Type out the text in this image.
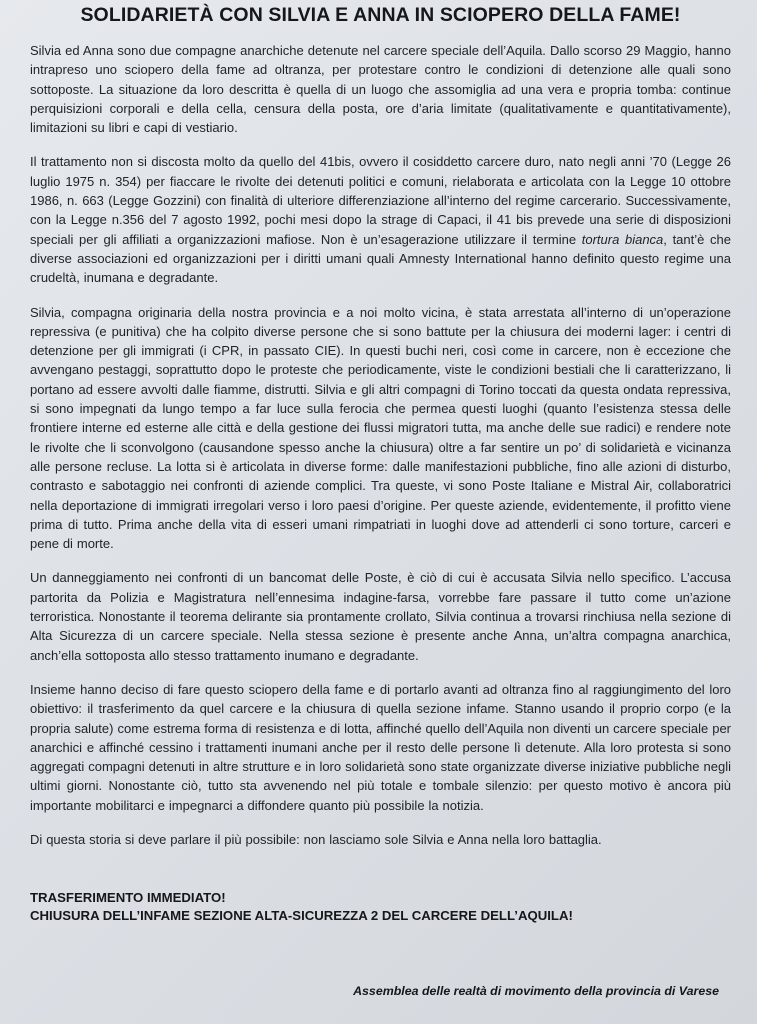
SOLIDARIETÀ CON SILVIA E ANNA IN SCIOPERO DELLA FAME!

Silvia ed Anna sono due compagne anarchiche detenute nel carcere speciale dell’Aquila. Dallo scorso 29 Maggio, hanno intrapreso uno sciopero della fame ad oltranza, per protestare contro le condizioni di detenzione alle quali sono sottoposte. La situazione da loro descritta è quella di un luogo che assomiglia ad una vera e propria tomba: continue perquisizioni corporali e della cella, censura della posta, ore d’aria limitate (qualitativamente e quantitativamente), limitazioni su libri e capi di vestiario.

Il trattamento non si discosta molto da quello del 41bis, ovvero il cosiddetto carcere duro, nato negli anni ’70 (Legge 26 luglio 1975 n. 354) per fiaccare le rivolte dei detenuti politici e comuni, rielaborata e articolata con la Legge 10 ottobre 1986, n. 663 (Legge Gozzini) con finalità di ulteriore differenziazione all’interno del regime carcerario. Successivamente, con la Legge n.356 del 7 agosto 1992, pochi mesi dopo la strage di Capaci, il 41 bis prevede una serie di disposizioni speciali per gli affiliati a organizzazioni mafiose. Non è un’esagerazione utilizzare il termine tortura bianca, tant’è che diverse associazioni ed organizzazioni per i diritti umani quali Amnesty International hanno definito questo regime una crudeltà, inumana e degradante.

Silvia, compagna originaria della nostra provincia e a noi molto vicina, è stata arrestata all’interno di un’operazione repressiva (e punitiva) che ha colpito diverse persone che si sono battute per la chiusura dei moderni lager: i centri di detenzione per gli immigrati (i CPR, in passato CIE). In questi buchi neri, così come in carcere, non è eccezione che avvengano pestaggi, soprattutto dopo le proteste che periodicamente, viste le condizioni bestiali che li caratterizzano, li portano ad essere avvolti dalle fiamme, distrutti. Silvia e gli altri compagni di Torino toccati da questa ondata repressiva, si sono impegnati da lungo tempo a far luce sulla ferocia che permea questi luoghi (quanto l’esistenza stessa delle frontiere interne ed esterne alle città e della gestione dei flussi migratori tutta, ma anche delle sue radici) e rendere note le rivolte che li sconvolgono (causandone spesso anche la chiusura) oltre a far sentire un po’ di solidarietà e vicinanza alle persone recluse. La lotta si è articolata in diverse forme: dalle manifestazioni pubbliche, fino alle azioni di disturbo, contrasto e sabotaggio nei confronti di aziende complici. Tra queste, vi sono Poste Italiane e Mistral Air, collaboratrici nella deportazione di immigrati irregolari verso i loro paesi d’origine. Per queste aziende, evidentemente, il profitto viene prima di tutto. Prima anche della vita di esseri umani rimpatriati in luoghi dove ad attenderli ci sono torture, carceri e pene di morte.

Un danneggiamento nei confronti di un bancomat delle Poste, è ciò di cui è accusata Silvia nello specifico. L’accusa partorita da Polizia e Magistratura nell’ennesima indagine-farsa, vorrebbe fare passare il tutto come un’azione terroristica. Nonostante il teorema delirante sia prontamente crollato, Silvia continua a trovarsi rinchiusa nella sezione di Alta Sicurezza di un carcere speciale. Nella stessa sezione è presente anche Anna, un’altra compagna anarchica, anch’ella sottoposta allo stesso trattamento inumano e degradante.

Insieme hanno deciso di fare questo sciopero della fame e di portarlo avanti ad oltranza fino al raggiungimento del loro obiettivo: il trasferimento da quel carcere e la chiusura di quella sezione infame. Stanno usando il proprio corpo (e la propria salute) come estrema forma di resistenza e di lotta, affinché quello dell’Aquila non diventi un carcere speciale per anarchici e affinché cessino i trattamenti inumani anche per il resto delle persone lì detenute. Alla loro protesta si sono aggregati compagni detenuti in altre strutture e in loro solidarietà sono state organizzate diverse iniziative pubbliche negli ultimi giorni. Nonostante ciò, tutto sta avvenendo nel più totale e tombale silenzio: per questo motivo è ancora più importante mobilitarci e impegnarci a diffondere quanto più possibile la notizia.

Di questa storia si deve parlare il più possibile: non lasciamo sole Silvia e Anna nella loro battaglia.

TRASFERIMENTO IMMEDIATO!

CHIUSURA DELL’INFAME SEZIONE ALTA-SICUREZZA 2 DEL CARCERE DELL’AQUILA!

Assemblea delle realtà di movimento della provincia di Varese
